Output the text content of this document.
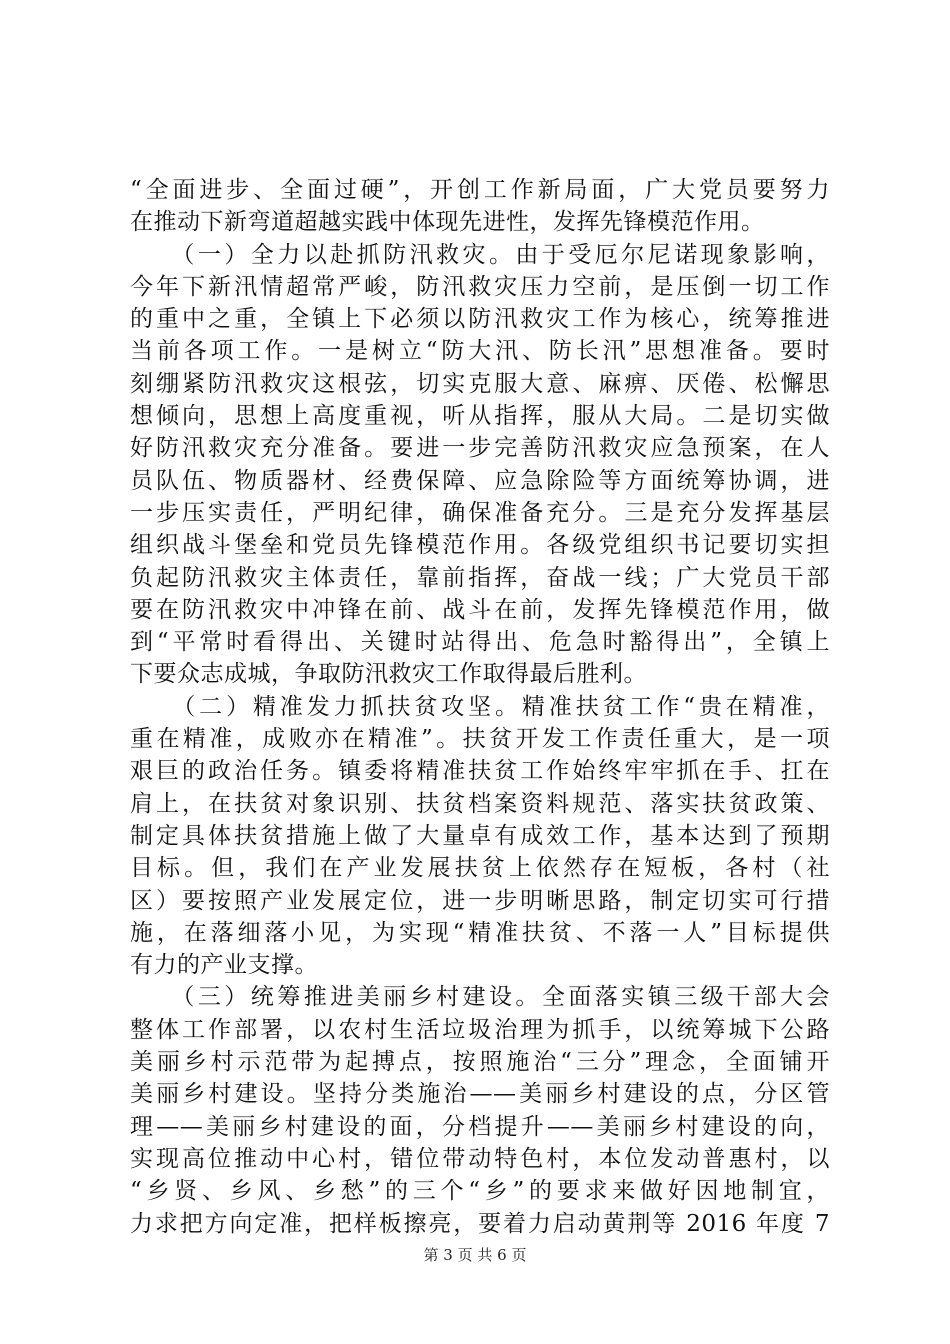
“全面进步、全面过硬”，开创工作新局面，广大党员要努力
在推动下新弯道超越实践中体现先进性，发挥先锋模范作用。
　　（一）全力以赴抓防汛救灾。由于受厄尔尼诺现象影响，
今年下新汛情超常严峻，防汛救灾压力空前，是压倒一切工作
的重中之重，全镇上下必须以防汛救灾工作为核心，统筹推进
当前各项工作。一是树立“防大汛、防长汛”思想准备。要时
刻绷紧防汛救灾这根弦，切实克服大意、麻痹、厌倦、松懈思
想倾向，思想上高度重视，听从指挥，服从大局。二是切实做
好防汛救灾充分准备。要进一步完善防汛救灾应急预案，在人
员队伍、物质器材、经费保障、应急除险等方面统筹协调，进
一步压实责任，严明纪律，确保准备充分。三是充分发挥基层
组织战斗堡垒和党员先锋模范作用。各级党组织书记要切实担
负起防汛救灾主体责任，靠前指挥，奋战一线；广大党员干部
要在防汛救灾中冲锋在前、战斗在前，发挥先锋模范作用，做
到“平常时看得出、关键时站得出、危急时豁得出”，全镇上
下要众志成城，争取防汛救灾工作取得最后胜利。
　　（二）精准发力抓扶贫攻坚。精准扶贫工作“贵在精准，
重在精准，成败亦在精准”。扶贫开发工作责任重大，是一项
艰巨的政治任务。镇委将精准扶贫工作始终牢牢抓在手、扛在
肩上，在扶贫对象识别、扶贫档案资料规范、落实扶贫政策、
制定具体扶贫措施上做了大量卓有成效工作，基本达到了预期
目标。但，我们在产业发展扶贫上依然存在短板，各村（社
区）要按照产业发展定位，进一步明晰思路，制定切实可行措
施，在落细落小见，为实现“精准扶贫、不落一人”目标提供
有力的产业支撑。
　　（三）统筹推进美丽乡村建设。全面落实镇三级干部大会
整体工作部署，以农村生活垃圾治理为抓手，以统筹城下公路
美丽乡村示范带为起搏点，按照施治“三分”理念，全面铺开
美丽乡村建设。坚持分类施治——美丽乡村建设的点，分区管
理——美丽乡村建设的面，分档提升——美丽乡村建设的向，
实现高位推动中心村，错位带动特色村，本位发动普惠村，以
“乡贤、乡风、乡愁”的三个“乡”的要求来做好因地制宜，
力求把方向定准，把样板擦亮，要着力启动黄荆等 2016 年度 7
第 3 页 共 6 页
